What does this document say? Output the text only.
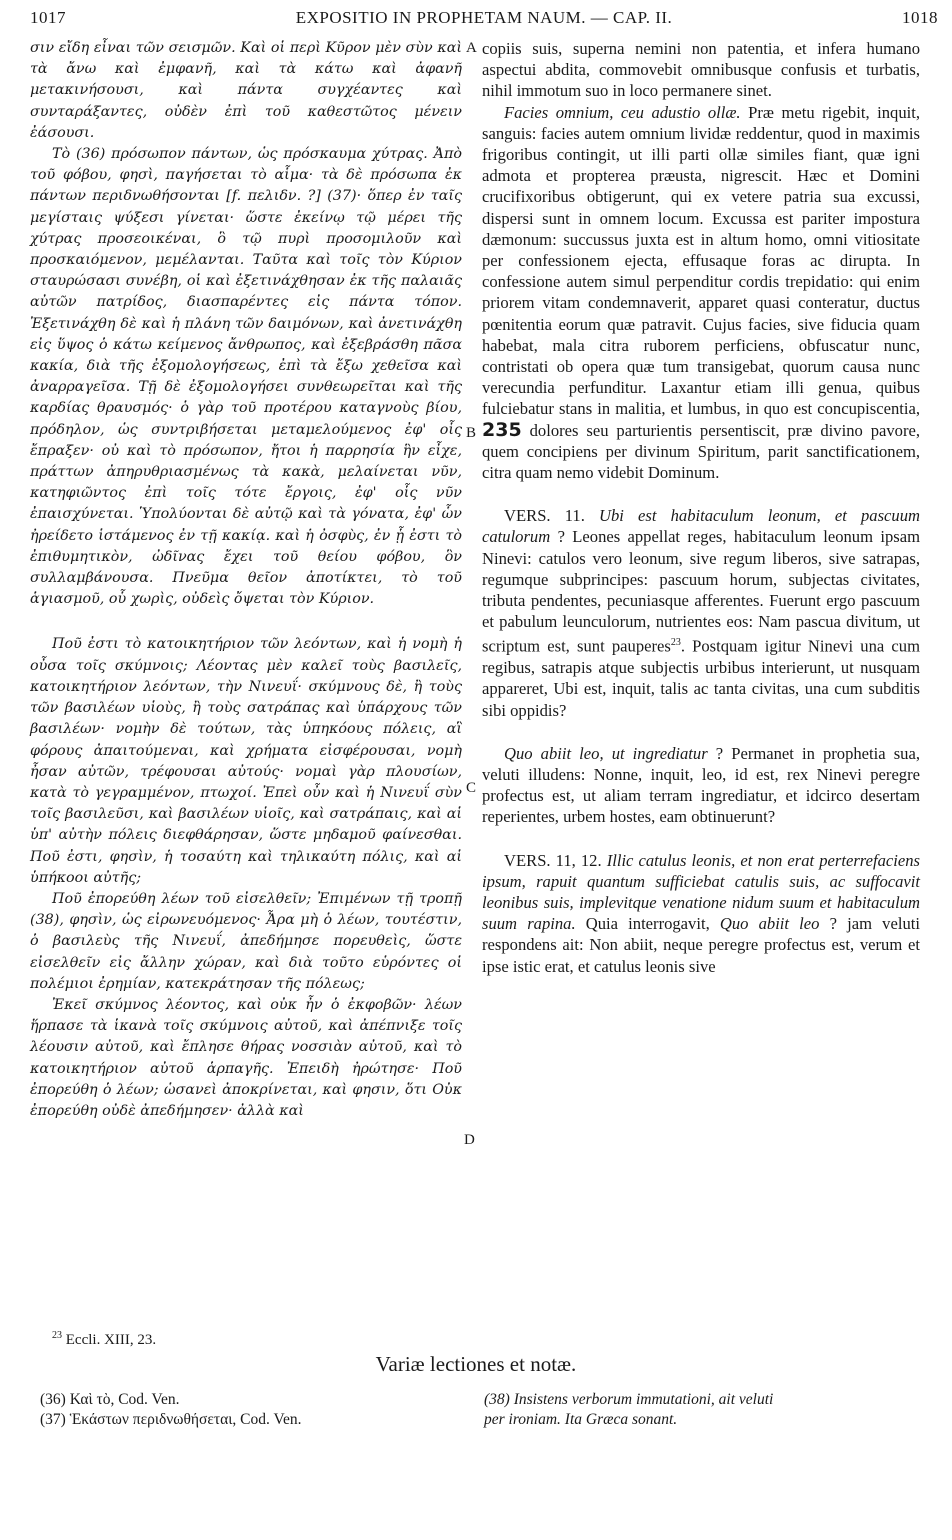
1017	EXPOSITIO IN PROPHETAM NAUM. — CAP. II.	1018
A
B
C
D

σιν εἴδη εἶναι τῶν σεισμῶν. Καὶ οἱ περὶ Κῦρον μὲν σὺν καὶ τὰ ἄνω καὶ ἐμφανῆ, καὶ τὰ κάτω καὶ ἀφανῆ μετακινήσουσι, καὶ πάντα συγχέαντες καὶ συνταράξαντες, οὐδὲν ἐπὶ τοῦ καθεστῶτος μένειν ἐάσουσι.

Τὸ (36) πρόσωπον πάντων, ὡς πρόσκαυμα χύτρας. Ἀπὸ τοῦ φόβου, φησὶ, παγήσεται τὸ αἷμα· τὰ δὲ πρόσωπα ἐκ πάντων περιδνωθήσονται [f. πελιδν. ?] (37)· ὅπερ ἐν ταῖς μεγίσταις ψύξεσι γίνεται· ὥστε ἐκείνῳ τῷ μέρει τῆς χύτρας προσεοικέναι, ὃ τῷ πυρὶ προσομιλοῦν καὶ προσκαιόμενον, μεμέλανται. Ταῦτα καὶ τοῖς τὸν Κύριον σταυρώσασι συνέβη, οἱ καὶ ἐξετινάχθησαν ἐκ τῆς παλαιᾶς αὐτῶν πατρίδος, διασπαρέντες εἰς πάντα τόπον. Ἐξετινάχθη δὲ καὶ ἡ πλάνη τῶν δαιμόνων, καὶ ἀνετινάχθη εἰς ὕψος ὁ κάτω κείμενος ἄνθρωπος, καὶ ἐξεβράσθη πᾶσα κακία, διὰ τῆς ἐξομολογήσεως, ἐπὶ τὰ ἔξω χεθεῖσα καὶ ἀναρραγεῖσα. Τῇ δὲ ἐξομολογήσει συνθεωρεῖται καὶ τῆς καρδίας θραυσμός· ὁ γὰρ τοῦ προτέρου καταγνοὺς βίου, πρόδηλον, ὡς συντριβήσεται μεταμελούμενος ἐφ' οἷς ἔπραξεν· οὐ καὶ τὸ πρόσωπον, ἤτοι ἡ παρρησία ἣν εἶχε, πράττων ἀπηρυθριασμένως τὰ κακὰ, μελαίνεται νῦν, κατηφιῶντος ἐπὶ τοῖς τότε ἔργοις, ἐφ' οἷς νῦν ἐπαισχύνεται. Ὑπολύονται δὲ αὐτῷ καὶ τὰ γόνατα, ἐφ' ὧν ἠρείδετο ἱστάμενος ἐν τῇ κακίᾳ. καὶ ἡ ὀσφὺς, ἐν ᾗ ἐστι τὸ ἐπιθυμητικὸν, ὠδῖνας ἔχει τοῦ θείου φόβου, ὃν συλλαμβάνουσα. Πνεῦμα θεῖον ἀποτίκτει, τὸ τοῦ ἁγιασμοῦ, οὗ χωρὶς, οὐδεὶς ὄψεται τὸν Κύριον.

Ποῦ ἐστι τὸ κατοικητήριον τῶν λεόντων, καὶ ἡ νομὴ ἡ οὖσα τοῖς σκύμνοις; Λέοντας μὲν καλεῖ τοὺς βασιλεῖς, κατοικητήριον λεόντων, τὴν Νινευΐ· σκύμνους δὲ, ἢ τοὺς τῶν βασιλέων υἱοὺς, ἢ τοὺς σατράπας καὶ ὑπάρχους τῶν βασιλέων· νομὴν δὲ τούτων, τὰς ὑπηκόους πόλεις, αἳ φόρους ἀπαιτούμεναι, καὶ χρήματα εἰσφέρουσαι, νομὴ ἦσαν αὐτῶν, τρέφουσαι αὐτούς· νομαὶ γὰρ πλουσίων, κατὰ τὸ γεγραμμένον, πτωχοί. Ἐπεὶ οὖν καὶ ἡ Νινευΐ σὺν τοῖς βασιλεῦσι, καὶ βασιλέων υἱοῖς, καὶ σατράπαις, καὶ αἱ ὑπ' αὐτὴν πόλεις διεφθάρησαν, ὥστε μηδαμοῦ φαίνεσθαι. Ποῦ ἐστι, φησὶν, ἡ τοσαύτη καὶ τηλικαύτη πόλις, καὶ αἱ ὑπήκοοι αὐτῆς;

Ποῦ ἐπορεύθη λέων τοῦ εἰσελθεῖν; Ἐπιμένων τῇ τροπῇ (38), φησὶν, ὡς εἰρωνευόμενος· Ἆρα μὴ ὁ λέων, τουτέστιν, ὁ βασιλεὺς τῆς Νινευΐ, ἀπεδήμησε πορευθεὶς, ὥστε εἰσελθεῖν εἰς ἄλλην χώραν, καὶ διὰ τοῦτο εὑρόντες οἱ πολέμιοι ἐρημίαν, κατεκράτησαν τῆς πόλεως;

Ἐκεῖ σκύμνος λέοντος, καὶ οὐκ ἦν ὁ ἐκφοβῶν· λέων ἥρπασε τὰ ἱκανὰ τοῖς σκύμνοις αὐτοῦ, καὶ ἀπέπνιξε τοῖς λέουσιν αὐτοῦ, καὶ ἔπλησε θήρας νοσσιὰν αὐτοῦ, καὶ τὸ κατοικητήριον αὐτοῦ ἁρπαγῆς. Ἐπειδὴ ἠρώτησε· Ποῦ ἐπορεύθη ὁ λέων; ὡσανεὶ ἀποκρίνεται, καὶ φησιν, ὅτι Οὐκ ἐπορεύθη οὐδὲ ἀπεδήμησεν· ἀλλὰ καὶ

copiis suis, superna nemini non patentia, et infera humano aspectui abdita, commovebit omnibusque confusis et turbatis, nihil immotum suo in loco permanere sinet.

Facies omnium, ceu adustio ollæ. Præ metu rigebit, inquit, sanguis: facies autem omnium lividæ reddentur, quod in maximis frigoribus contingit, ut illi parti ollæ similes fiant, quæ igni admota et propterea præusta, nigrescit. Hæc et Domini crucifixoribus obtigerunt, qui ex vetere patria sua excussi, dispersi sunt in omnem locum. Excussa est pariter impostura dæmonum: succussus juxta est in altum homo, omni vitiositate per confessionem ejecta, effusaque foras ac dirupta. In confessione autem simul perpenditur cordis trepidatio: qui enim priorem vitam condemnaverit, apparet quasi conteratur, ductus pœnitentia eorum quæ patravit. Cujus facies, sive fiducia quam habebat, mala citra ruborem perficiens, obfuscatur nunc, contristati ob opera quæ tum transigebat, quorum causa nunc verecundia perfunditur. Laxantur etiam illi genua, quibus fulciebatur stans in malitia, et lumbus, in quo est concupiscentia, 235 dolores seu parturientis persentiscit, præ divino pavore, quem concipiens per divinum Spiritum, parit sanctificationem, citra quam nemo videbit Dominum.

VERS. 11. Ubi est habitaculum leonum, et pascuum catulorum ? Leones appellat reges, habitaculum leonum ipsam Ninevi: catulos vero leonum, sive regum liberos, sive satrapas, regumque subprincipes: pascuum horum, subjectas civitates, tributa pendentes, pecuniasque afferentes. Fuerunt ergo pascuum et pabulum leunculorum, nutrientes eos: Nam pascua divitum, ut scriptum est, sunt pauperes$^{23}$. Postquam igitur Ninevi una cum regibus, satrapis atque subjectis urbibus interierunt, ut nusquam appareret, Ubi est, inquit, talis ac tanta civitas, una cum subditis sibi oppidis?

Quo abiit leo, ut ingrediatur ? Permanet in prophetia sua, veluti illudens: Nonne, inquit, leo, id est, rex Ninevi peregre profectus est, ut aliam terram ingrediatur, et idcirco desertam reperientes, urbem hostes, eam obtinuerunt?

VERS. 11, 12. Illic catulus leonis, et non erat perterrefaciens ipsum, rapuit quantum sufficiebat catulis suis, ac suffocavit leonibus suis, implevitque venatione nidum suum et habitaculum suum rapina. Quia interrogavit, Quo abiit leo ? jam veluti respondens ait: Non abiit, neque peregre profectus est, verum et ipse istic erat, et catulus leonis sive

$^{23}$ Eccli. XIII, 23.
Variæ lectiones et notæ.
(36) Καὶ τὸ, Cod. Ven.
(37) Ἑκάστων περιδνωθήσεται, Cod. Ven.
(38) Insistens verborum immutationi, ait veluti
per ironiam. Ita Græca sonant.
